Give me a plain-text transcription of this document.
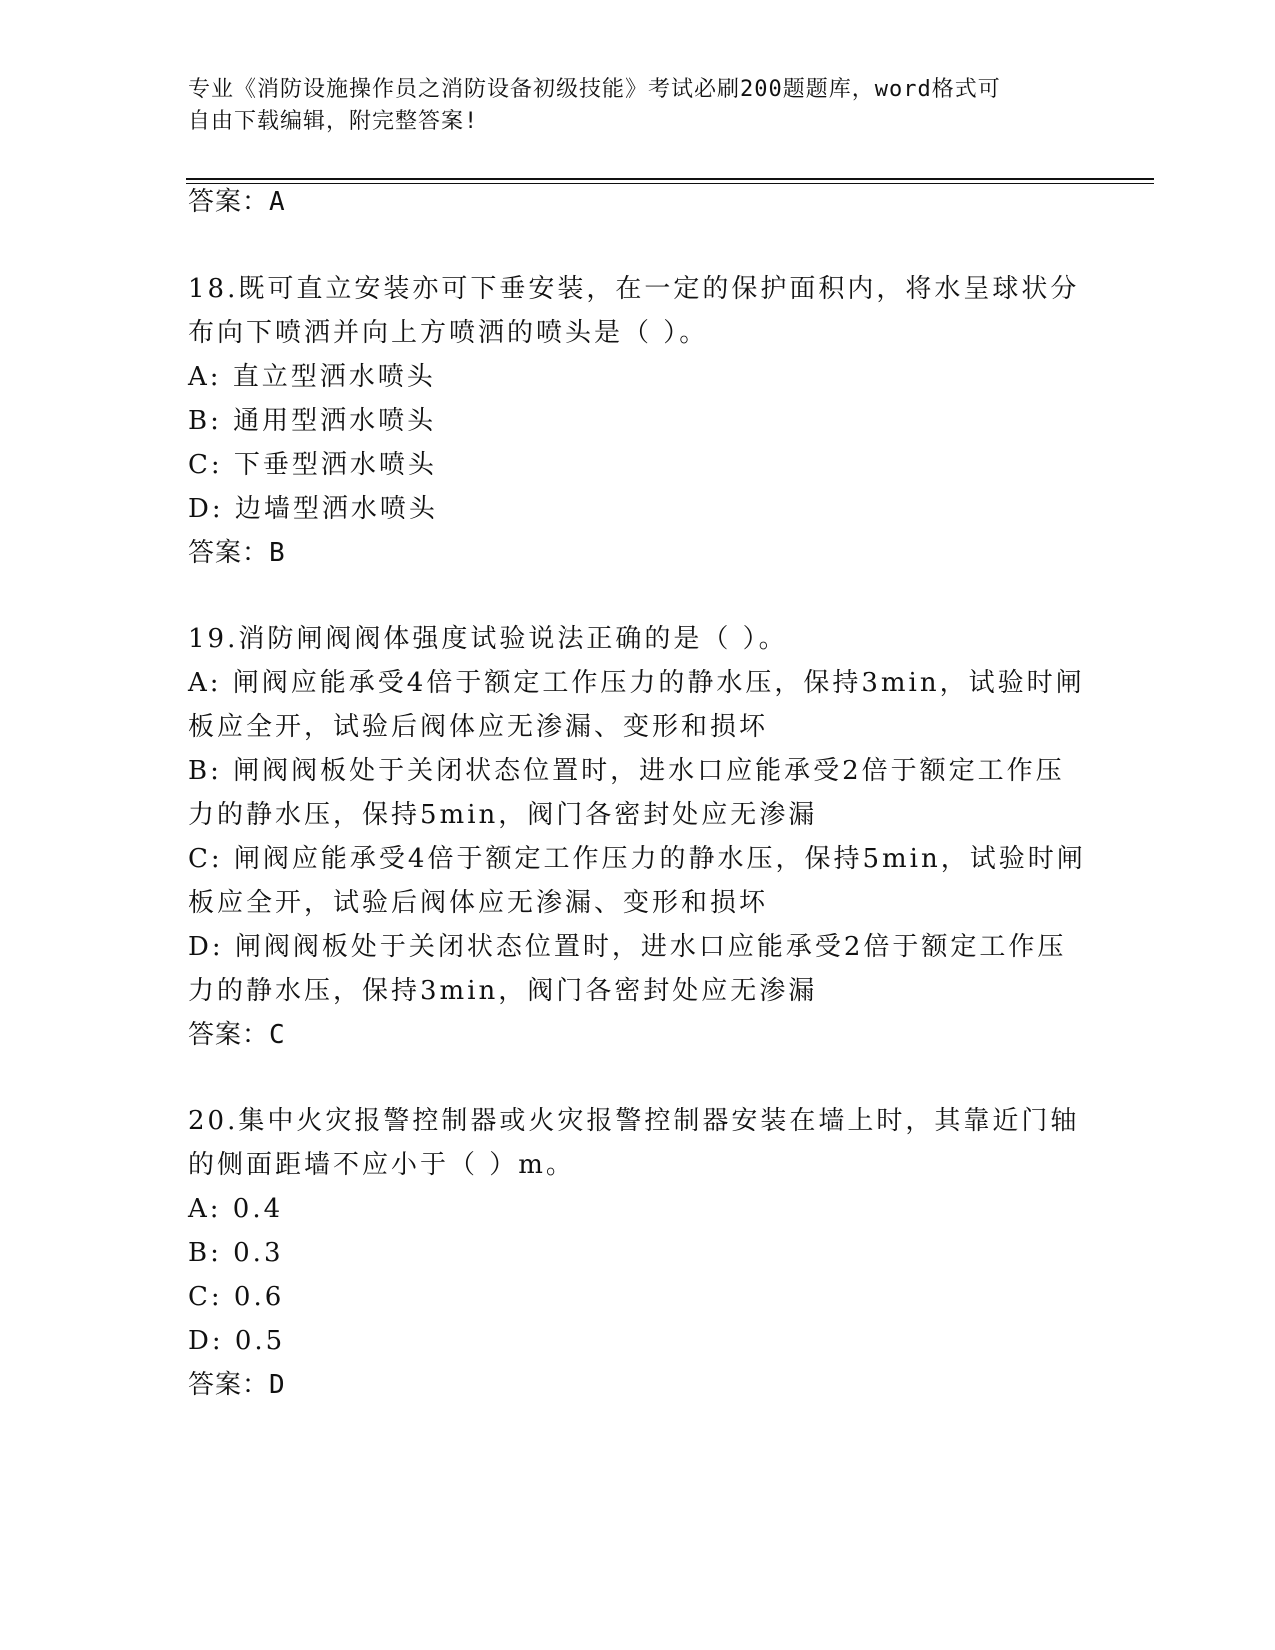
专业《消防设施操作员之消防设备初级技能》考试必刷200题题库，word格式可
自由下载编辑，附完整答案!
答案：A
18.既可直立安装亦可下垂安装，在一定的保护面积内，将水呈球状分
布向下喷洒并向上方喷洒的喷头是（ ）。
A: 直立型洒水喷头
B: 通用型洒水喷头
C: 下垂型洒水喷头
D: 边墙型洒水喷头
答案：B
19.消防闸阀阀体强度试验说法正确的是（ ）。
A: 闸阀应能承受4倍于额定工作压力的静水压，保持3min，试验时闸
板应全开，试验后阀体应无渗漏、变形和损坏
B: 闸阀阀板处于关闭状态位置时，进水口应能承受2倍于额定工作压
力的静水压，保持5min，阀门各密封处应无渗漏
C: 闸阀应能承受4倍于额定工作压力的静水压，保持5min，试验时闸
板应全开，试验后阀体应无渗漏、变形和损坏
D: 闸阀阀板处于关闭状态位置时，进水口应能承受2倍于额定工作压
力的静水压，保持3min，阀门各密封处应无渗漏
答案：C
20.集中火灾报警控制器或火灾报警控制器安装在墙上时，其靠近门轴
的侧面距墙不应小于（ ）m。
A: 0.4
B: 0.3
C: 0.6
D: 0.5
答案：D
